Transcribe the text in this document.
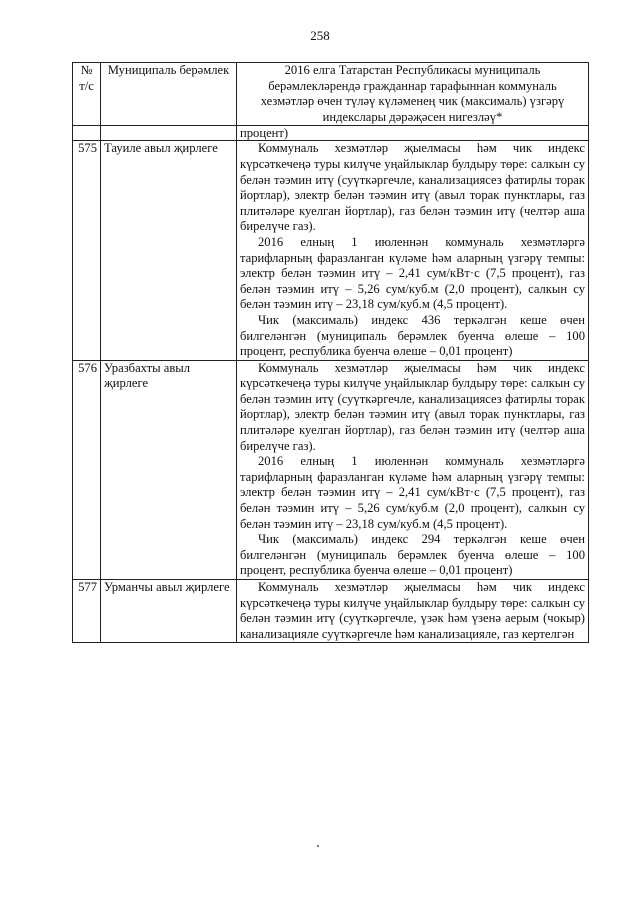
258
№ т/с	Муниципаль берәмлек	2016 елга Татарстан Республикасы муниципаль берәмлекләрендә гражданнар тарафыннан коммуналь хезмәтләр өчен түләү күләменең чик (максималь) үзгәрү индекслары дәрәҗәсен нигезләү*
		процент)
575	Тауиле авыл җирлеге	Коммуналь хезмәтләр җыелмасы һәм чик индекс күрсәткечеңә туры килүче уңайлыклар булдыру төре: салкын су белән тәэмин итү (суүткәргечле, канализациясез фатирлы торак йортлар), электр белән тәэмин итү (авыл торак пунктлары, газ плитәләре куелган йортлар), газ белән тәэмин итү (челтәр аша бирелүче газ).

2016 елның 1 июленнән коммуналь хезмәтләргә тарифларның фаразланган күләме һәм аларның үзгәрү темпы: электр белән тәэмин итү – 2,41 сум/кВт·с (7,5 процент), газ белән тәэмин итү – 5,26 сум/куб.м (2,0 процент), салкын су белән тәэмин итү – 23,18 сум/куб.м (4,5 процент).

Чик (максималь) индекс 436 теркәлгән кеше өчен билгеләнгән (муниципаль берәмлек буенча өлеше – 100 процент, республика буенча өлеше – 0,01 процент)

576	Уразбахты авыл җирлеге	Коммуналь хезмәтләр җыелмасы һәм чик индекс күрсәткечеңә туры килүче уңайлыклар булдыру төре: салкын су белән тәэмин итү (суүткәргечле, канализациясез фатирлы торак йортлар), электр белән тәэмин итү (авыл торак пунктлары, газ плитәләре куелган йортлар), газ белән тәэмин итү (челтәр аша бирелүче газ).

2016 елның 1 июленнән коммуналь хезмәтләргә тарифларның фаразланган күләме һәм аларның үзгәрү темпы: электр белән тәэмин итү – 2,41 сум/кВт·с (7,5 процент), газ белән тәэмин итү – 5,26 сум/куб.м (2,0 процент), салкын су белән тәэмин итү – 23,18 сум/куб.м (4,5 процент).

Чик (максималь) индекс 294 теркәлгән кеше өчен билгеләнгән (муниципаль берәмлек буенча өлеше – 100 процент, республика буенча өлеше – 0,01 процент)

577	Урманчы авыл җирлеге	Коммуналь хезмәтләр җыелмасы һәм чик индекс күрсәткечеңә туры килүче уңайлыклар булдыру төре: салкын су белән тәэмин итү (суүткәргечле, үзәк һәм үзенә аерым (чокыр) канализацияле суүткәргечле һәм канализацияле, газ кертелгән
